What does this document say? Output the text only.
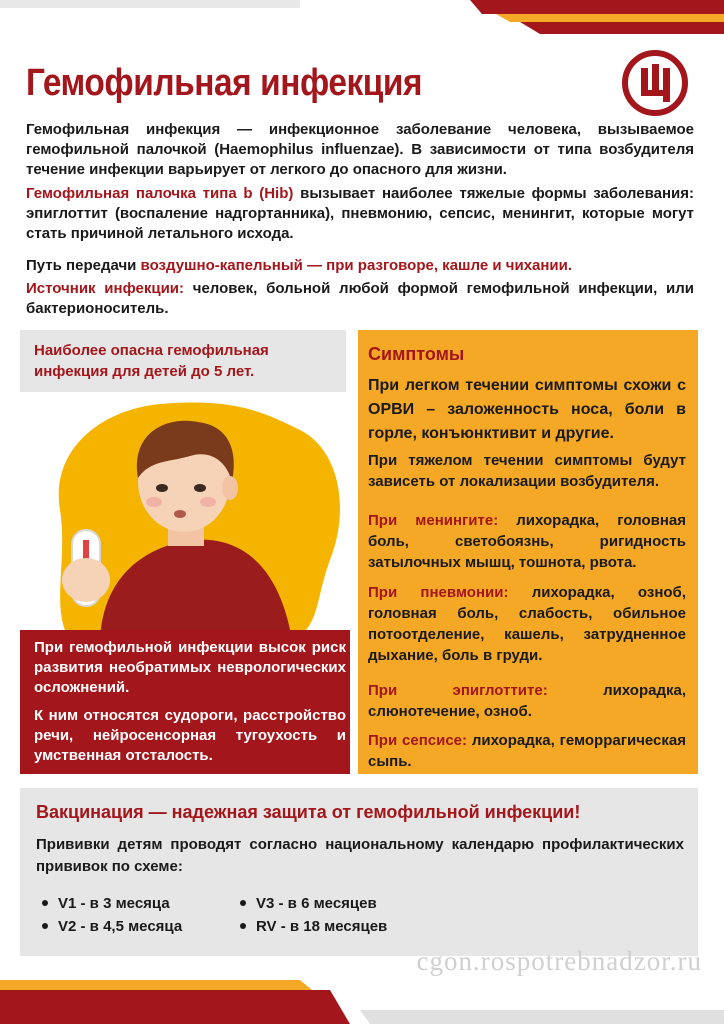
Гемофильная инфекция

Гемофильная инфекция — инфекционное заболевание человека, вызываемое гемофильной палочкой (Haemophilus influenzae). В зависимости от типа возбудителя течение инфекции варьирует от легкого до опасного для жизни.

Гемофильная палочка типа b (Hib) вызывает наиболее тяжелые формы заболевания: эпиглоттит (воспаление надгортанника), пневмонию, сепсис, менингит, которые могут стать причиной летального исхода.

Путь передачи воздушно-капельный — при разговоре, кашле и чихании.

Источник инфекции: человек, больной любой формой гемофильной инфекции, или бактерионоситель.

Наиболее опасна гемофильная инфекция для детей до 5 лет.

При гемофильной инфекции высок риск развития необратимых неврологических осложнений.

К ним относятся судороги, расстройство речи, нейросенсорная тугоухость и умственная отсталость.

Симптомы

При легком течении симптомы схожи с ОРВИ – заложенность носа, боли в горле, конъюнктивит и другие.

При тяжелом течении симптомы будут зависеть от локализации возбудителя.

При менингите: лихорадка, головная боль, светобоязнь, ригидность затылочных мышц, тошнота, рвота.

При пневмонии: лихорадка, озноб, головная боль, слабость, обильное потоотделение, кашель, затрудненное дыхание, боль в груди.

При эпиглоттите: лихорадка, слюнотечение, озноб.

При сепсисе: лихорадка, геморрагическая сыпь.

Вакцинация — надежная защита от гемофильной инфекции!

Прививки детям проводят согласно национальному календарю профилактических прививок по схеме:

V1 - в 3 месяца
V2 - в 4,5 месяца
V3 - в 6 месяцев
RV - в 18 месяцев
cgon.rospotrebnadzor.ru
